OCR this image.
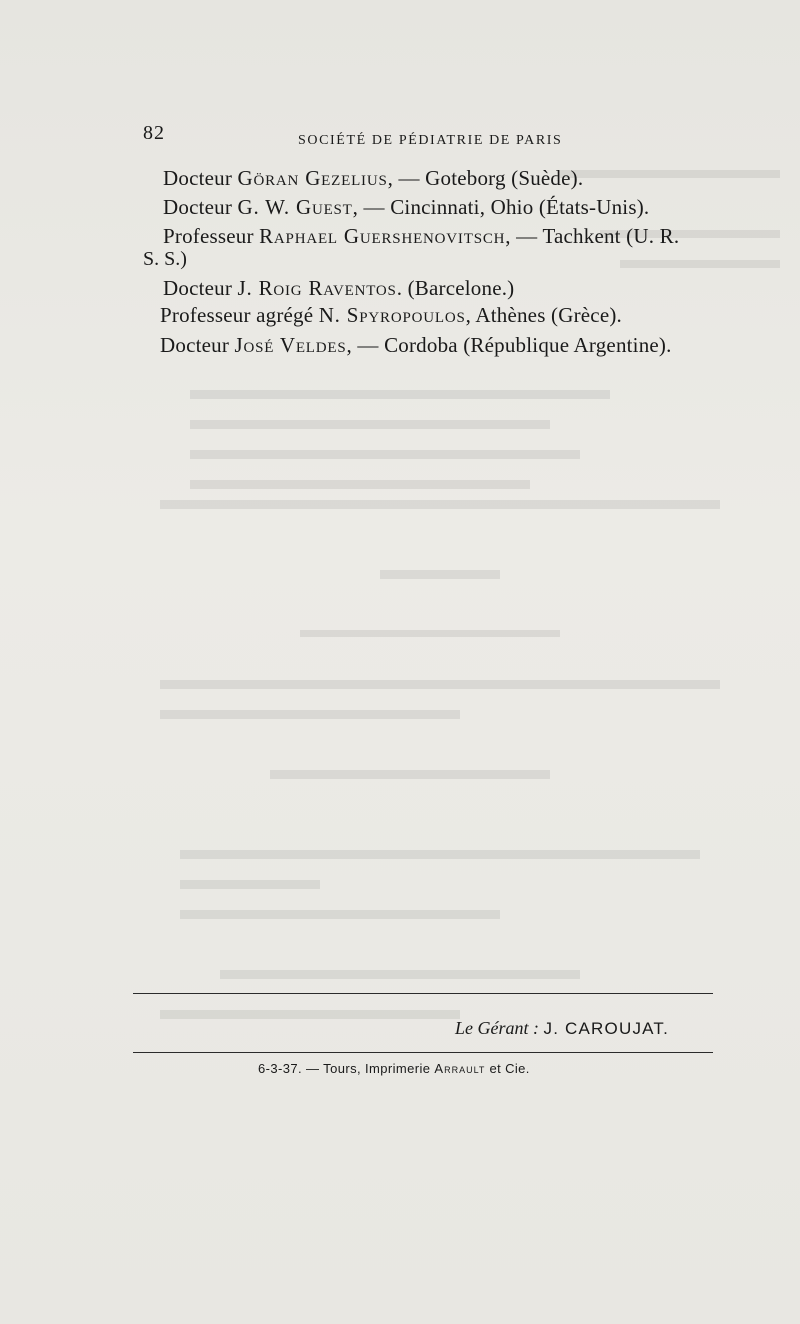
82	SOCIÉTÉ DE PÉDIATRIE DE PARIS
Docteur Göran Gezelius, — Goteborg (Suède).
Docteur G. W. Guest, — Cincinnati, Ohio (États-Unis).
Professeur Raphael Guershenovitsch, — Tachkent (U. R.
S. S.)
Docteur J. Roig Raventos. (Barcelone.)
Professeur agrégé N. Spyropoulos, Athènes (Grèce).
Docteur José Veldes, — Cordoba (République Argentine).
Le Gérant : J. CAROUJAT.
6-3-37. — Tours, Imprimerie Arrault et Cie.
